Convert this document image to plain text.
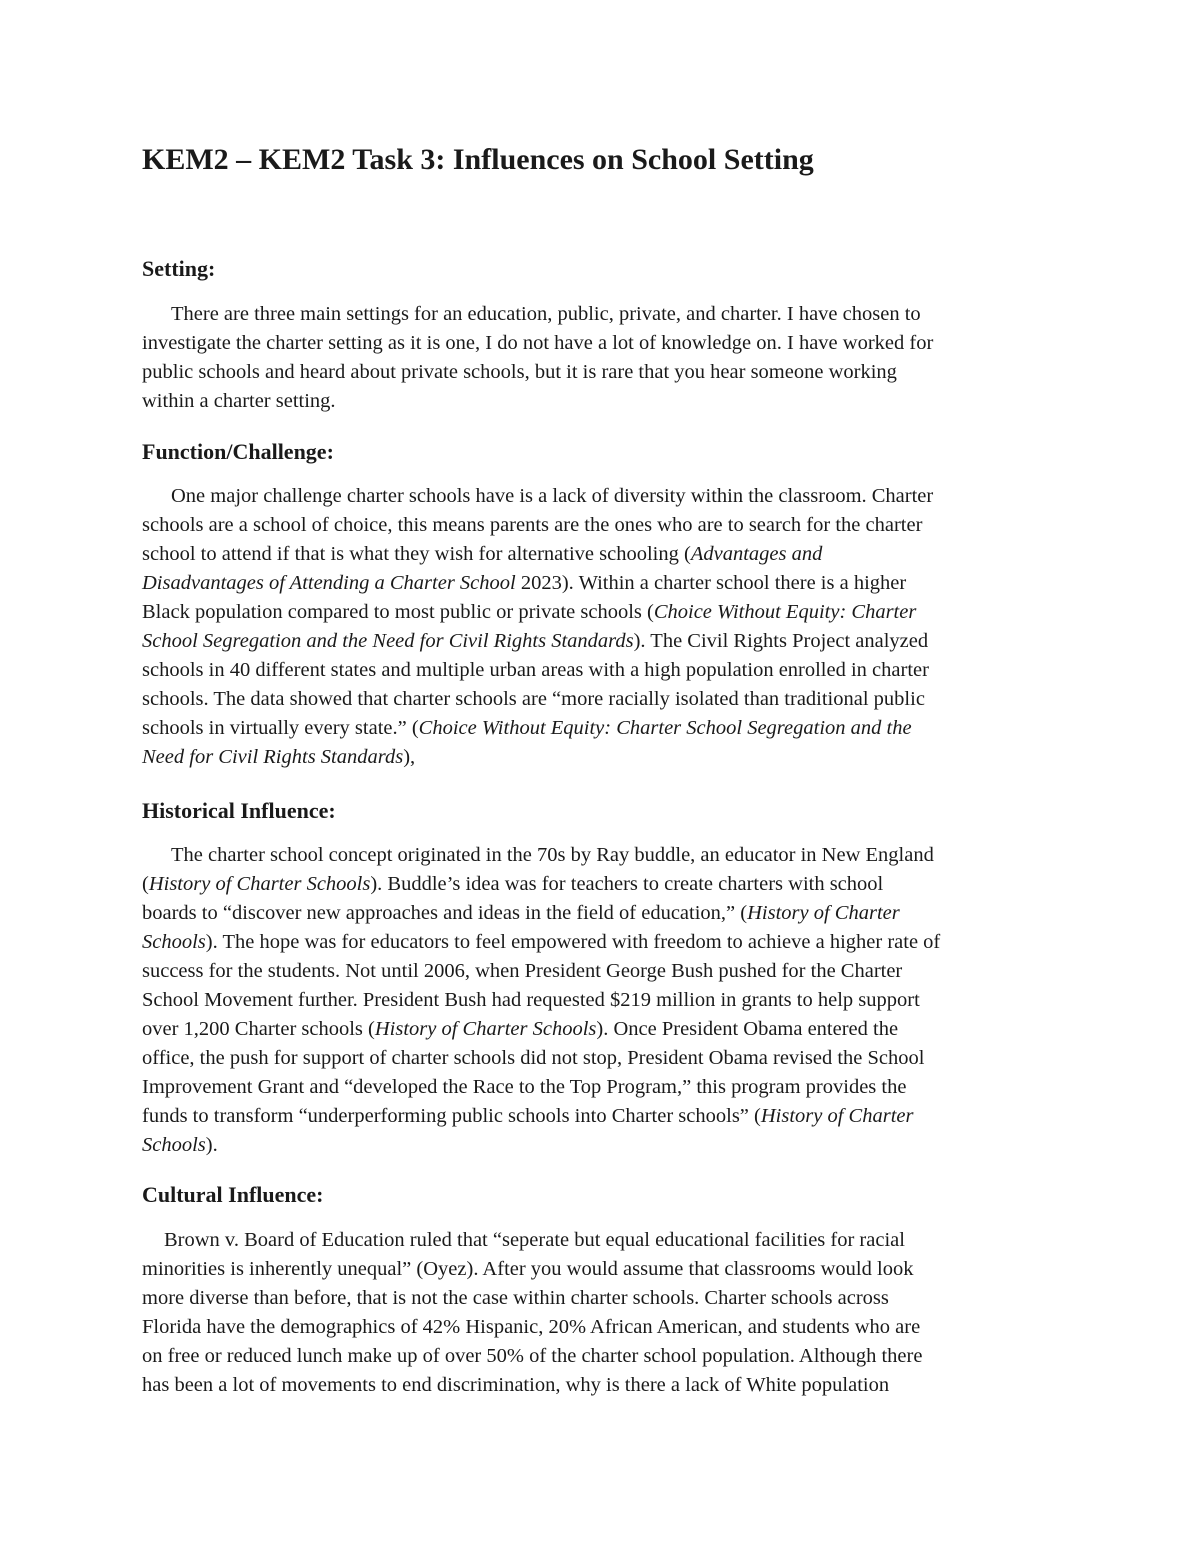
KEM2 – KEM2 Task 3: Influences on School Setting
Setting:
There are three main settings for an education, public, private, and charter. I have chosen to
investigate the charter setting as it is one, I do not have a lot of knowledge on. I have worked for
public schools and heard about private schools, but it is rare that you hear someone working
within a charter setting.
Function/Challenge:
One major challenge charter schools have is a lack of diversity within the classroom. Charter
schools are a school of choice, this means parents are the ones who are to search for the charter
school to attend if that is what they wish for alternative schooling (Advantages and
Disadvantages of Attending a Charter School 2023). Within a charter school there is a higher
Black population compared to most public or private schools (Choice Without Equity: Charter
School Segregation and the Need for Civil Rights Standards). The Civil Rights Project analyzed
schools in 40 different states and multiple urban areas with a high population enrolled in charter
schools. The data showed that charter schools are “more racially isolated than traditional public
schools in virtually every state.” (Choice Without Equity: Charter School Segregation and the
Need for Civil Rights Standards),
Historical Influence:
The charter school concept originated in the 70s by Ray buddle, an educator in New England
(History of Charter Schools). Buddle’s idea was for teachers to create charters with school
boards to “discover new approaches and ideas in the field of education,” (History of Charter
Schools). The hope was for educators to feel empowered with freedom to achieve a higher rate of
success for the students. Not until 2006, when President George Bush pushed for the Charter
School Movement further. President Bush had requested $219 million in grants to help support
over 1,200 Charter schools (History of Charter Schools). Once President Obama entered the
office, the push for support of charter schools did not stop, President Obama revised the School
Improvement Grant and “developed the Race to the Top Program,” this program provides the
funds to transform “underperforming public schools into Charter schools” (History of Charter
Schools).
Cultural Influence:
Brown v. Board of Education ruled that “seperate but equal educational facilities for racial
minorities is inherently unequal” (Oyez). After you would assume that classrooms would look
more diverse than before, that is not the case within charter schools. Charter schools across
Florida have the demographics of 42% Hispanic, 20% African American, and students who are
on free or reduced lunch make up of over 50% of the charter school population. Although there
has been a lot of movements to end discrimination, why is there a lack of White population
